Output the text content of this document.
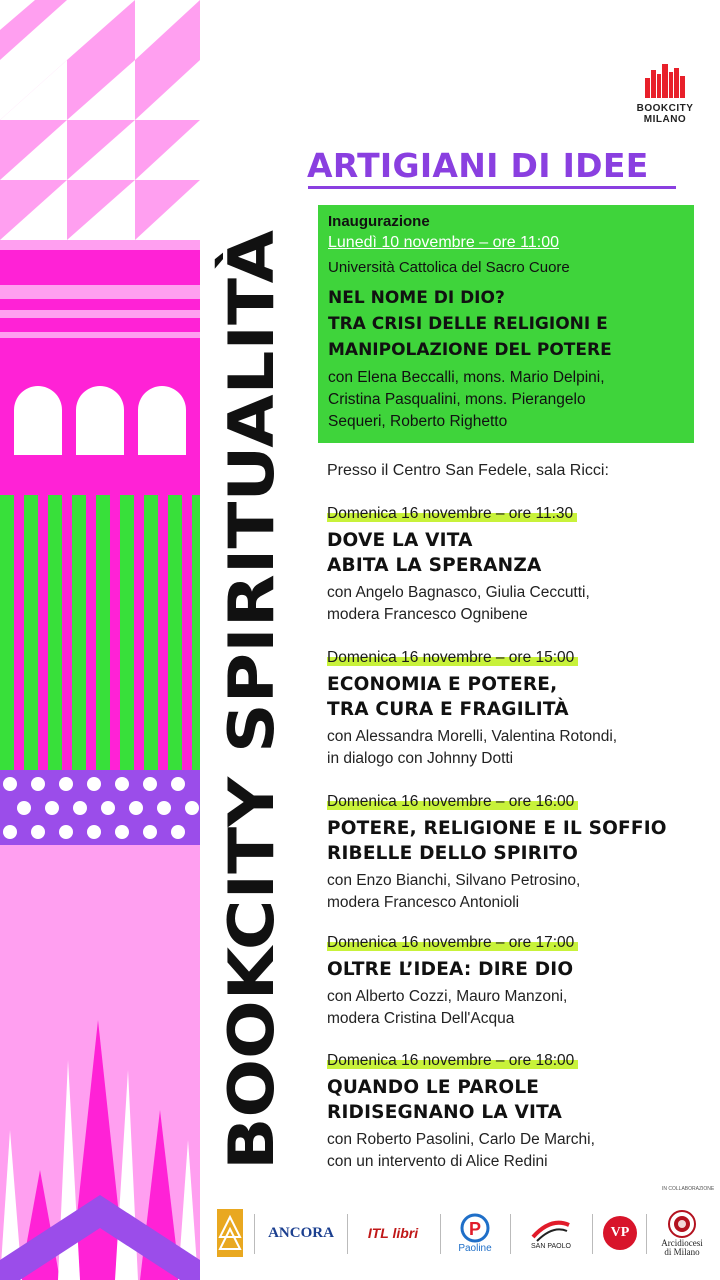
BOOKCITY SPIRITUALITÀ
BOOKCITY
MILANO
ARTIGIANI DI IDEE
Inaugurazione
Lunedì 10 novembre – ore 11:00
Università Cattolica del Sacro Cuore
NEL NOME DI DIO?
TRA CRISI DELLE RELIGIONI E
MANIPOLAZIONE DEL POTERE
con Elena Beccalli, mons. Mario Delpini,
Cristina Pasqualini, mons. Pierangelo
Sequeri, Roberto Righetto
Presso il Centro San Fedele, sala Ricci:
Domenica 16 novembre – ore 11:30
DOVE LA VITA
ABITA LA SPERANZA
con Angelo Bagnasco, Giulia Ceccutti,
modera Francesco Ognibene
Domenica 16 novembre – ore 15:00
ECONOMIA E POTERE,
TRA CURA E FRAGILITÀ
con Alessandra Morelli, Valentina Rotondi,
in dialogo con Johnny Dotti
Domenica 16 novembre – ore 16:00
POTERE, RELIGIONE E IL SOFFIO
RIBELLE DELLO SPIRITO
con Enzo Bianchi, Silvano Petrosino,
modera Francesco Antonioli
Domenica 16 novembre – ore 17:00
OLTRE L’IDEA: DIRE DIO
con Alberto Cozzi, Mauro Manzoni,
modera Cristina Dell'Acqua
Domenica 16 novembre – ore 18:00
QUANDO LE PAROLE
RIDISEGNANO LA VITA
con Roberto Pasolini, Carlo De Marchi,
con un intervento di Alice Redini
IN COLLABORAZIONE
ANCORA	ITL libri	P
Paoline	SAN PAOLO
VP
Arcidiocesi
di Milano
